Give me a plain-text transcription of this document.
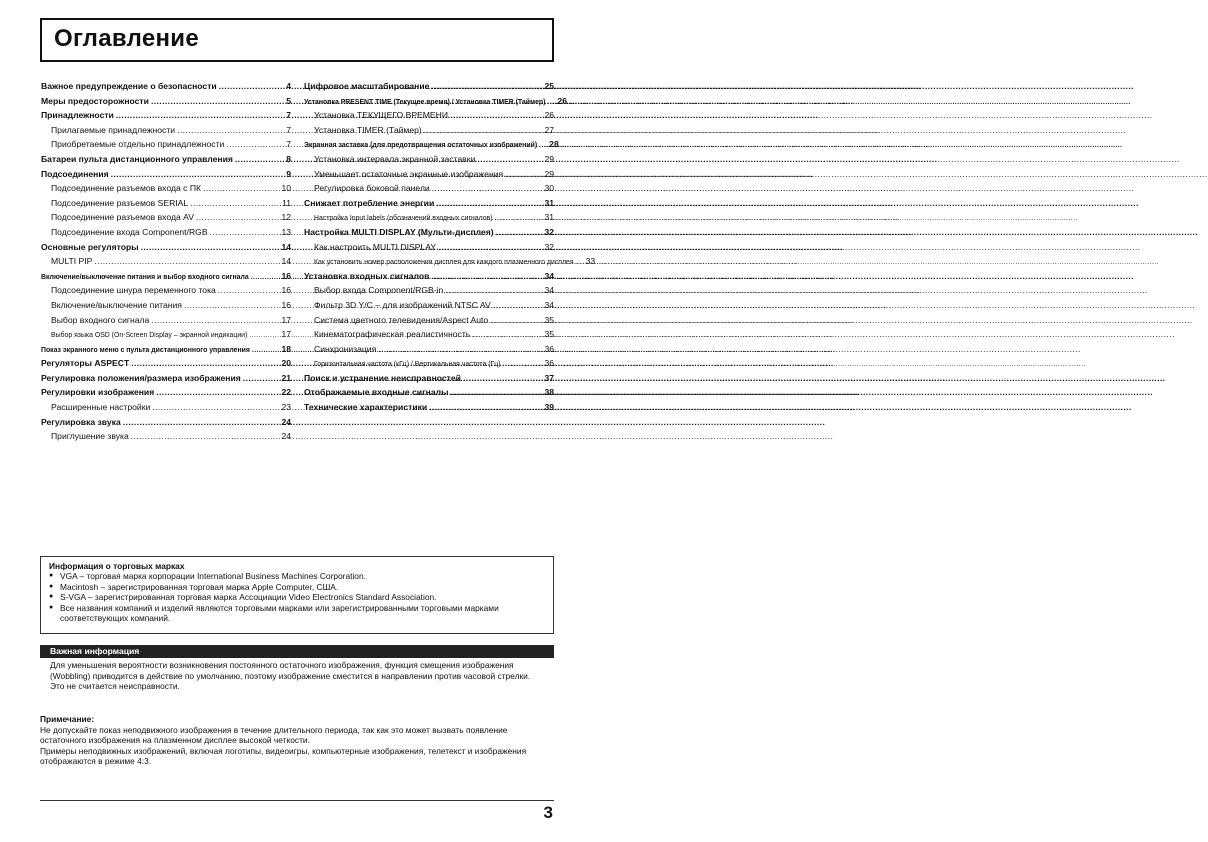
Оглавление
Важное предупреждение о безопасности .....	4
Меры предосторожности .....	5
Принадлежности .....	7
Прилагаемые принадлежности .....	7
Приобретаемые отдельно принадлежности .....	7
Батареи пульта дистанционного управления .....	8
Подсоединения .....	9
Подсоединение разъемов входа с ПК .....	10
Подсоединение разъемов SERIAL .....	11
Подсоединение разъемов входа AV .....	12
Подсоединение входа Component/RGB .....	13
Основные регуляторы .....	14
MULTI PIP .....	14
Включение/выключение питания и выбор входного сигнала .....	16
Подсоединение шнура переменного тока .....	16
Включение/выключение питания .....	16
Выбор входного сигнала .....	17
Выбор языка OSD (On-Screen Display – экранной индикации) .....	17
Показ экранного меню с пульта дистанционного управления .....	18
Регуляторы ASPECT .....	20
Регулировка положения/размера изображения .....	21
Регулировки изображения .....	22
Расширенные настройки .....	23
Регулировка звука .....	24
Приглушение звука .....	24
Цифровое масштабирование .....	25
Установка PRESENT TIME (Текущее время) / Установка TIMER (Таймер) ..... 26
Установка ТЕКУЩЕГО ВРЕМЕНИ .....	26
Установка TIMER (Таймер) .....	27
Экранная заставка (для предотвращения остаточных изображений) ..... 28
Установка интервала экранной заставки .....	29
Уменьшает остаточные экранные изображения .....	29
Регулировка боковой панели .....	30
Снижает потребление энергии .....	31
Настройка Input labels (обозначений входных сигналов) .....	31
Настройка MULTI DISPLAY (Мульти-дисплея) .....	32
Как настроить MULTI DISPLAY .....	32
Как установить номер расположения дисплея для каждого плазменного дисплея ..... 33
Установка входных сигналов .....	34
Выбор входа Component/RGB-in .....	34
Фильтр 3D Y/C – для изображений NTSC AV .....	34
Система цветного телевидения/Aspect Auto .....	35
Кинематографическая реалистичность .....	35
Синхронизация .....	36
Горизонтальная частота (кГц) / Вертикальная частота (Гц) .....	36
Поиск и устранение неисправностей .....	37
Отображаемые входные сигналы .....	38
Технические характеристики .....	39
Информация о торговых марках
● VGA – торговая марка корпорации International Business Machines Corporation.
● Macintosh – зарегистрированная торговая марка Apple Computer, США.
● S-VGA – зарегистрированная торговая марка Ассоциации Video Electronics Standard Association.
● Все названия компаний и изделий являются торговыми марками или зарегистрированными торговыми марками соответствующих компаний.
Важная информация
Для уменьшения вероятности возникновения постоянного остаточного изображения, функция смещения изображения (Wobbling) приводится в действие по умолчанию, поэтому изображение сместится в направлении против часовой стрелки.
Это не считается неисправности.
Примечание:
Не допускайте показ неподвижного изображения в течение длительного периода, так как это может вызвать появление остаточного изображения на плазменном дисплее высокой четкости.
Примеры неподвижных изображений, включая логотипы, видеоигры, компьютерные изображения, телетекст и изображения отображаются в режиме 4:3.
3
